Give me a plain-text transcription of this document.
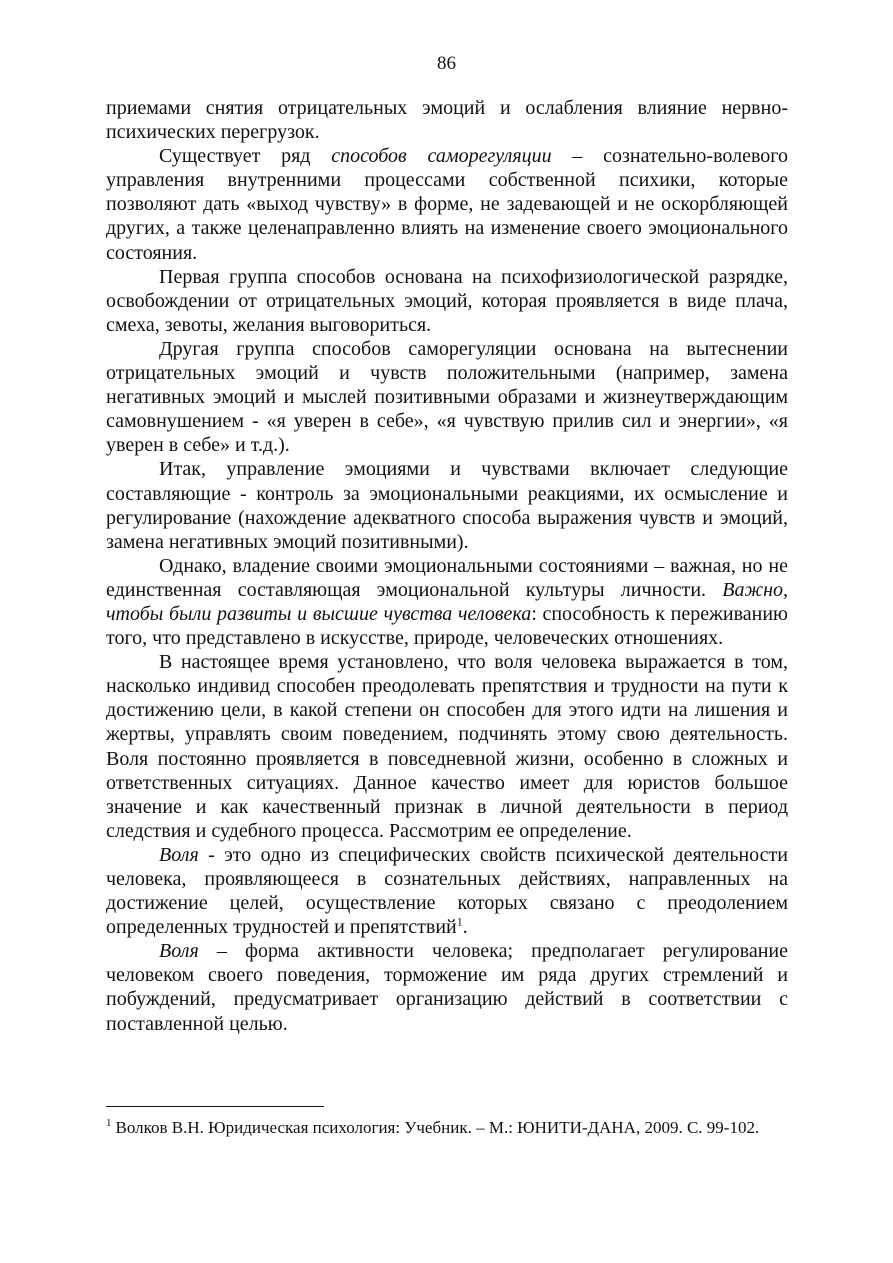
86

приемами снятия отрицательных эмоций и ослабления влияние нервно-психических перегрузок.

Существует ряд способов саморегуляции – сознательно-волевого управления внутренними процессами собственной психики, которые позволяют дать «выход чувству» в форме, не задевающей и не оскорбляющей других, а также целенаправленно влиять на изменение своего эмоционального состояния.

Первая группа способов основана на психофизиологической разрядке, освобождении от отрицательных эмоций, которая проявляется в виде плача, смеха, зевоты, желания выговориться.

Другая группа способов саморегуляции основана на вытеснении отрицательных эмоций и чувств положительными (например, замена негативных эмоций и мыслей позитивными образами и жизнеутверждающим самовнушением - «я уверен в себе», «я чувствую прилив сил и энергии», «я уверен в себе» и т.д.).

Итак, управление эмоциями и чувствами включает следующие составляющие - контроль за эмоциональными реакциями, их осмысление и регулирование (нахождение адекватного способа выражения чувств и эмоций, замена негативных эмоций позитивными).

Однако, владение своими эмоциональными состояниями – важная, но не единственная составляющая эмоциональной культуры личности. Важно, чтобы были развиты и высшие чувства человека: способность к переживанию того, что представлено в искусстве, природе, человеческих отношениях.

В настоящее время установлено, что воля человека выражается в том, насколько индивид способен преодолевать препятствия и трудности на пути к достижению цели, в какой степени он способен для этого идти на лишения и жертвы, управлять своим поведением, подчинять этому свою деятельность. Воля постоянно проявляется в повседневной жизни, особенно в сложных и ответственных ситуациях. Данное качество имеет для юристов большое значение и как качественный признак в личной деятельности в период следствия и судебного процесса. Рассмотрим ее определение.

Воля - это одно из специфических свойств психической деятельности человека, проявляющееся в сознательных действиях, направленных на достижение целей, осуществление которых связано с преодолением определенных трудностей и препятствий$^1$.

Воля – форма активности человека; предполагает регулирование человеком своего поведения, торможение им ряда других стремлений и побуждений, предусматривает организацию действий в соответствии с поставленной целью.

$^1$ Волков В.Н. Юридическая психология: Учебник. – М.: ЮНИТИ-ДАНА, 2009. С. 99-102.
